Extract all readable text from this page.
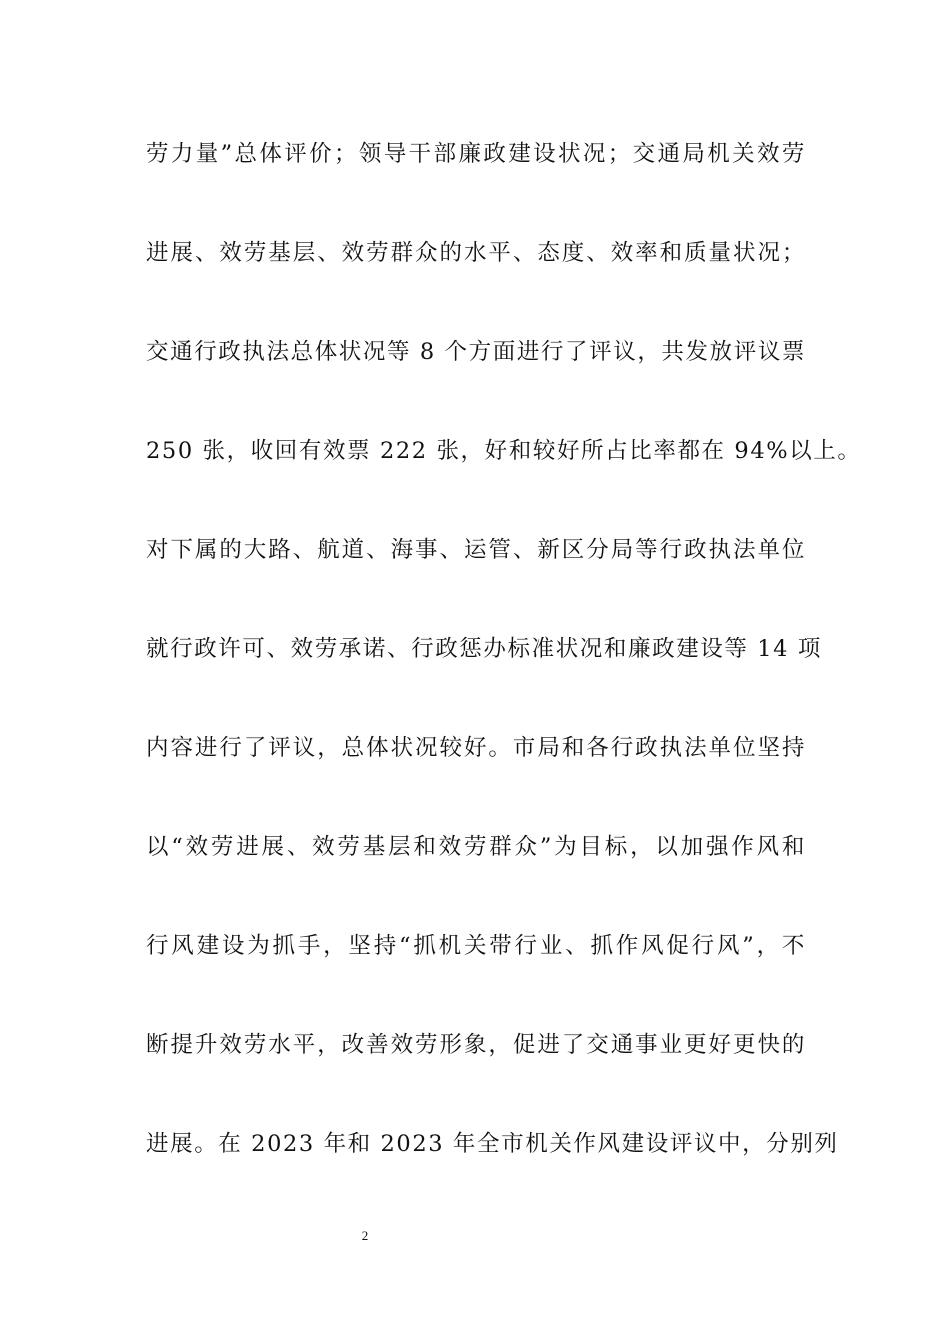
劳力量”总体评价；领导干部廉政建设状况；交通局机关效劳
进展、效劳基层、效劳群众的水平、态度、效率和质量状况；
交通行政执法总体状况等 8 个方面进行了评议，共发放评议票
250 张，收回有效票 222 张，好和较好所占比率都在 94%以上。
对下属的大路、航道、海事、运管、新区分局等行政执法单位
就行政许可、效劳承诺、行政惩办标准状况和廉政建设等 14 项
内容进行了评议，总体状况较好。市局和各行政执法单位坚持
以“效劳进展、效劳基层和效劳群众”为目标，以加强作风和
行风建设为抓手，坚持“抓机关带行业、抓作风促行风”，不
断提升效劳水平，改善效劳形象，促进了交通事业更好更快的
进展。在 2023 年和 2023 年全市机关作风建设评议中，分别列
2
